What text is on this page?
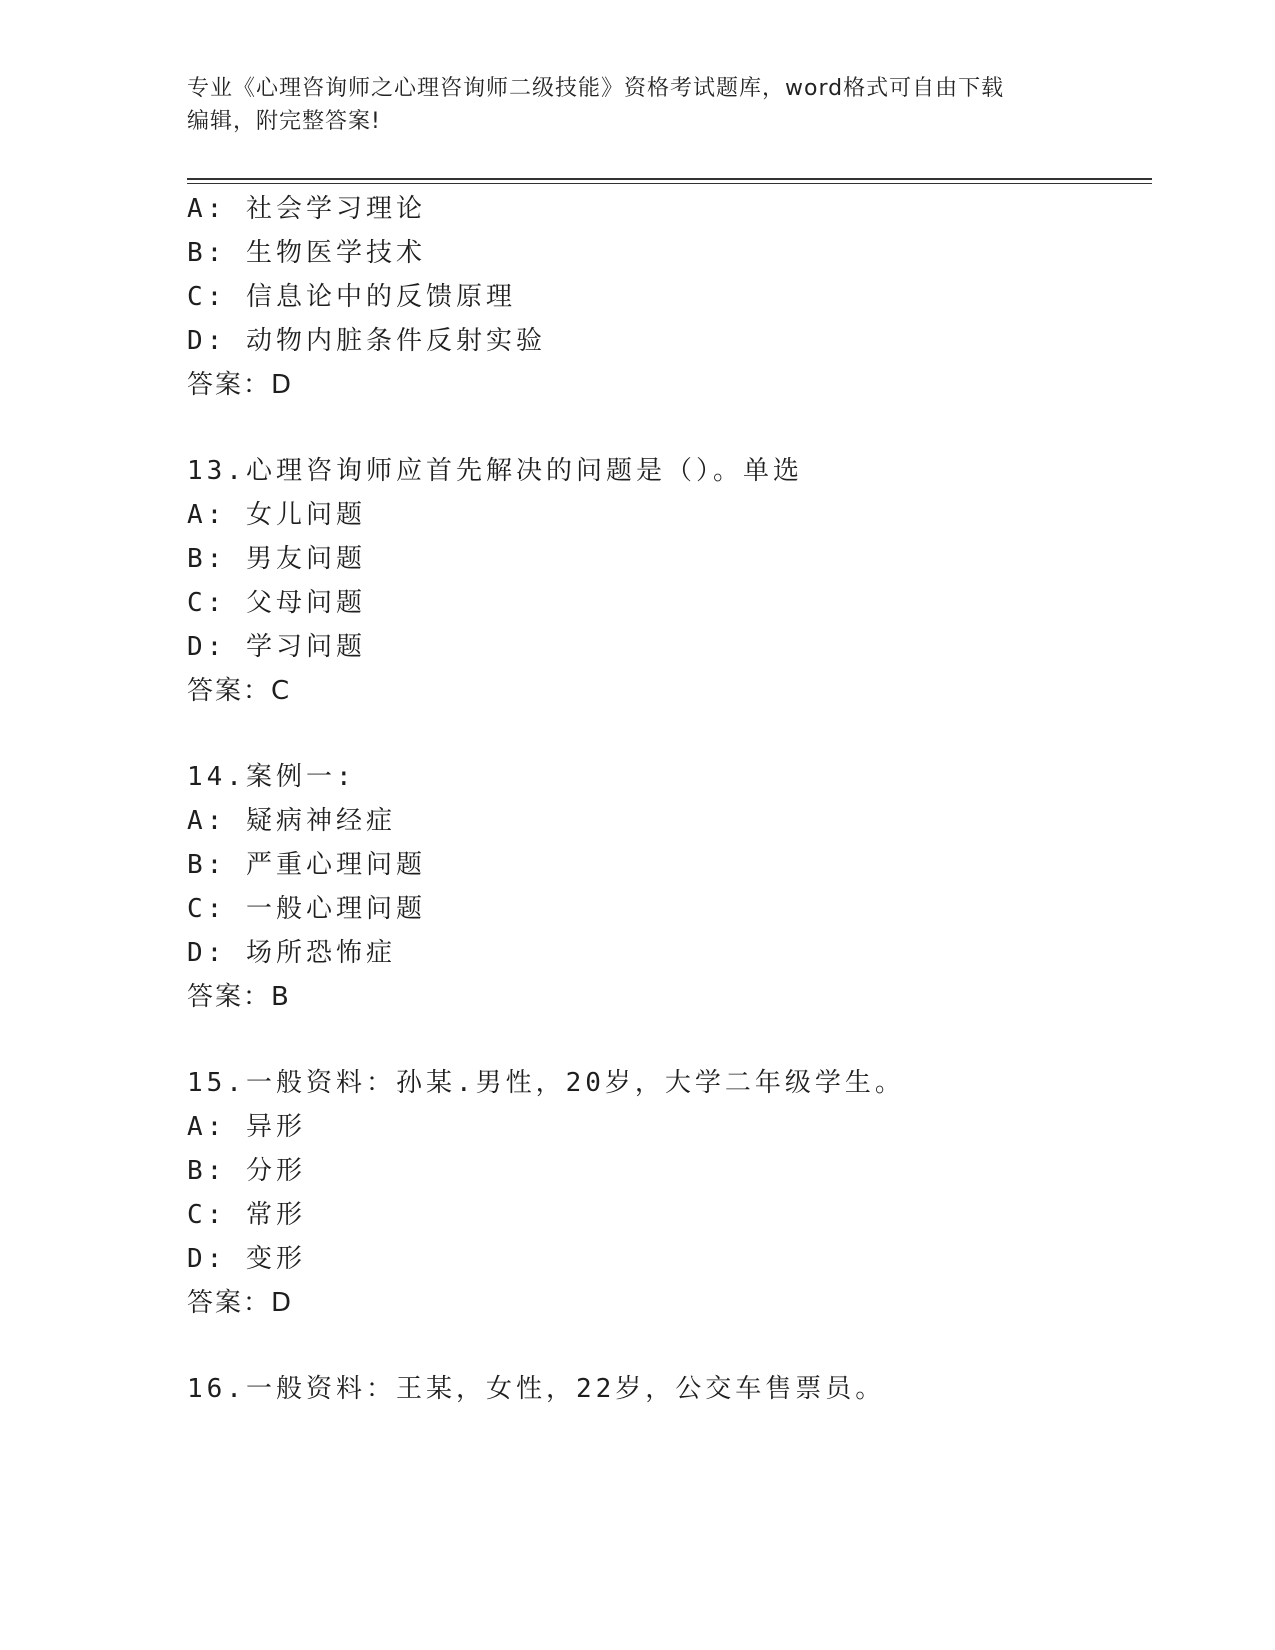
专业《心理咨询师之心理咨询师二级技能》资格考试题库，word格式可自由下载
编辑，附完整答案!
A: 社会学习理论
B: 生物医学技术
C: 信息论中的反馈原理
D: 动物内脏条件反射实验
答案：D
13.心理咨询师应首先解决的问题是（）。单选
A: 女儿问题
B: 男友问题
C: 父母问题
D: 学习问题
答案：C
14.案例一:
A: 疑病神经症
B: 严重心理问题
C: 一般心理问题
D: 场所恐怖症
答案：B
15.一般资料：孙某.男性，20岁，大学二年级学生。
A: 异形
B: 分形
C: 常形
D: 变形
答案：D
16.一般资料：王某，女性，22岁，公交车售票员。
